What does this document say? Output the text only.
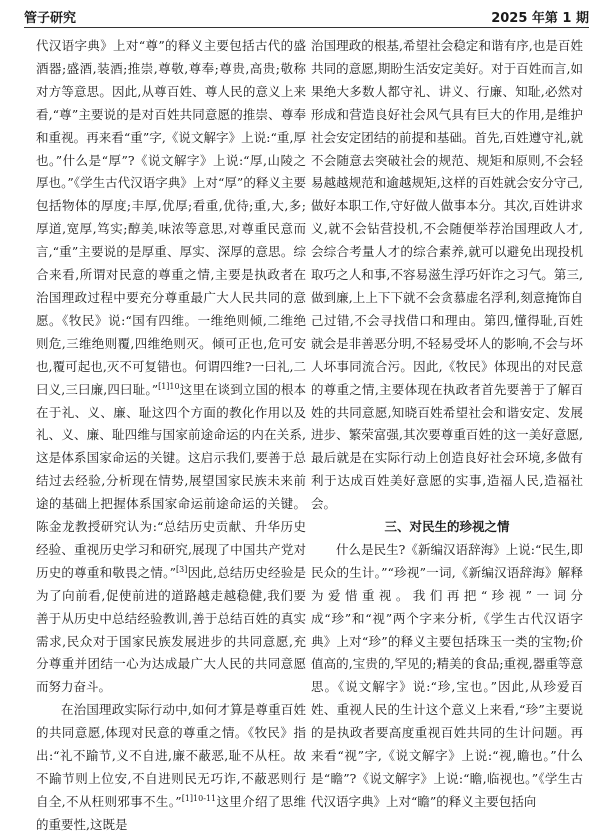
管子研究	2025 年第 1 期

代汉语字典》上对“尊”的释义主要包括古代的盛酒器;盛酒,装酒;推崇,尊敬,尊奉;尊贵,高贵;敬称对方等意思。因此,从尊百姓、尊人民的意义上来看,“尊”主要说的是对百姓共同意愿的推崇、尊奉和重视。再来看“重”字,《说文解字》上说:“重,厚也。”什么是“厚”?《说文解字》上说:“厚,山陵之厚也。”《学生古代汉语字典》上对“厚”的释义主要包括物体的厚度;丰厚,优厚;看重,优待;重,大,多;厚道,宽厚,笃实;醇美,味浓等意思,对尊重民意而言,“重”主要说的是厚重、厚实、深厚的意思。综合来看,所谓对民意的尊重之情,主要是执政者在治国理政过程中要充分尊重最广大人民共同的意愿。《牧民》说:“国有四维。一维绝则倾,二维绝则危,三维绝则覆,四维绝则灭。倾可正也,危可安也,覆可起也,灭不可复错也。何谓四维?一曰礼,二曰义,三曰廉,四曰耻。”$^{[1]10}$这里在谈到立国的根本在于礼、义、廉、耻这四个方面的教化作用以及礼、义、廉、耻四维与国家前途命运的内在关系,这是体系国家命运的关键。这启示我们,要善于总结过去经验,分析现在情势,展望国家民族未来前途的基础上把握体系国家命运前途命运的关键。陈金龙教授研究认为:“总结历史贡献、升华历史经验、重视历史学习和研究,展现了中国共产党对历史的尊重和敬畏之情。”[3]因此,总结历史经验是为了向前看,促使前进的道路越走越稳健,我们要善于从历史中总结经验教训,善于总结百姓的真实需求,民众对于国家民族发展进步的共同意愿,充分尊重并团结一心为达成最广大人民的共同意愿而努力奋斗。

在治国理政实际行动中,如何才算是尊重百姓的共同意愿,体现对民意的尊重之情。《牧民》指出:“礼不踰节,义不自进,廉不蔽恶,耻不从枉。故不踰节则上位安,不自进则民无巧诈,不蔽恶则行自全,不从枉则邪事不生。”$^{[1]10-11}$这里介绍了思维的重要性,这既是

治国理政的根基,希望社会稳定和谐有序,也是百姓共同的意愿,期盼生活安定美好。对于百姓而言,如果绝大多数人都守礼、讲义、行廉、知耻,必然对形成和营造良好社会风气具有巨大的作用,是维护社会安定团结的前提和基础。首先,百姓遵守礼,就不会随意去突破社会的规范、规矩和原则,不会轻易越越规范和逾越规矩,这样的百姓就会安分守己,做好本职工作,守好做人做事本分。其次,百姓讲求义,就不会钻营投机,不会随便举荐治国理政人才,会综合考量人才的综合素养,就可以避免出现投机取巧之人和事,不容易滋生浮巧奸诈之习气。第三,做到廉,上上下下就不会贪慕虚名浮利,刻意掩饰自己过错,不会寻找借口和理由。第四,懂得耻,百姓就会是非善恶分明,不轻易受坏人的影响,不会与坏人坏事同流合污。因此,《牧民》体现出的对民意的尊重之情,主要体现在执政者首先要善于了解百姓的共同意愿,知晓百姓希望社会和谐安定、发展进步、繁荣富强,其次要尊重百姓的这一美好意愿,最后就是在实际行动上创造良好社会环境,多做有利于达成百姓美好意愿的实事,造福人民,造福社会。

三、对民生的珍视之情

什么是民生?《新编汉语辞海》上说:“民生,即民众的生计。”“珍视”一词,《新编汉语辞海》解释为爱惜重视。我们再把“珍视”一词分成“珍”和“视”两个字来分析,《学生古代汉语字典》上对“珍”的释义主要包括珠玉一类的宝物;价值高的,宝贵的,罕见的;精美的食品;重视,器重等意思。《说文解字》说:“珍,宝也。”因此,从珍爱百姓、重视人民的生计这个意义上来看,“珍”主要说的是执政者要高度重视百姓共同的生计问题。再来看“视”字,《说文解字》上说:“视,瞻也。”什么是“瞻”?《说文解字》上说:“瞻,临视也。”《学生古代汉语字典》上对“瞻”的释义主要包括向
